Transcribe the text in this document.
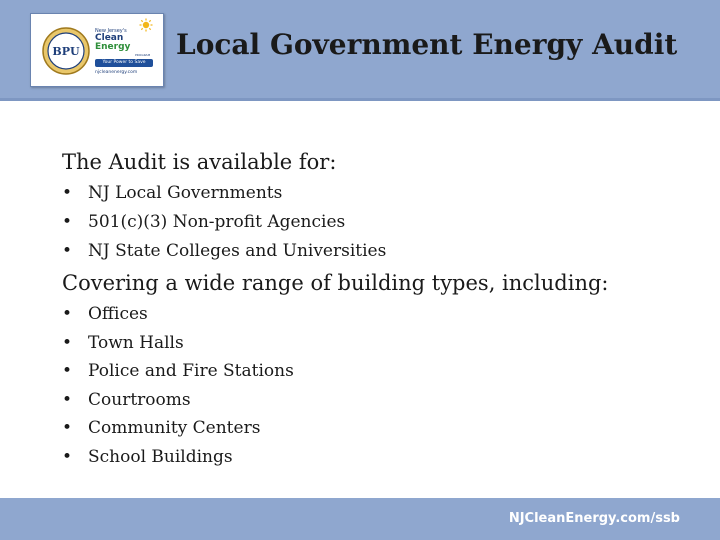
BPU
New Jersey's
Clean
Energy
PROGRAM
Your Power to Save
njcleanenergy.com
Local Government Energy Audit
The Audit is available for:
• NJ Local Governments
• 501(c)(3) Non-profit Agencies
• NJ State Colleges and Universities
Covering a wide range of building types, including:
• Offices
• Town Halls
• Police and Fire Stations
• Courtrooms
• Community Centers
• School Buildings
NJCleanEnergy.com/ssb
